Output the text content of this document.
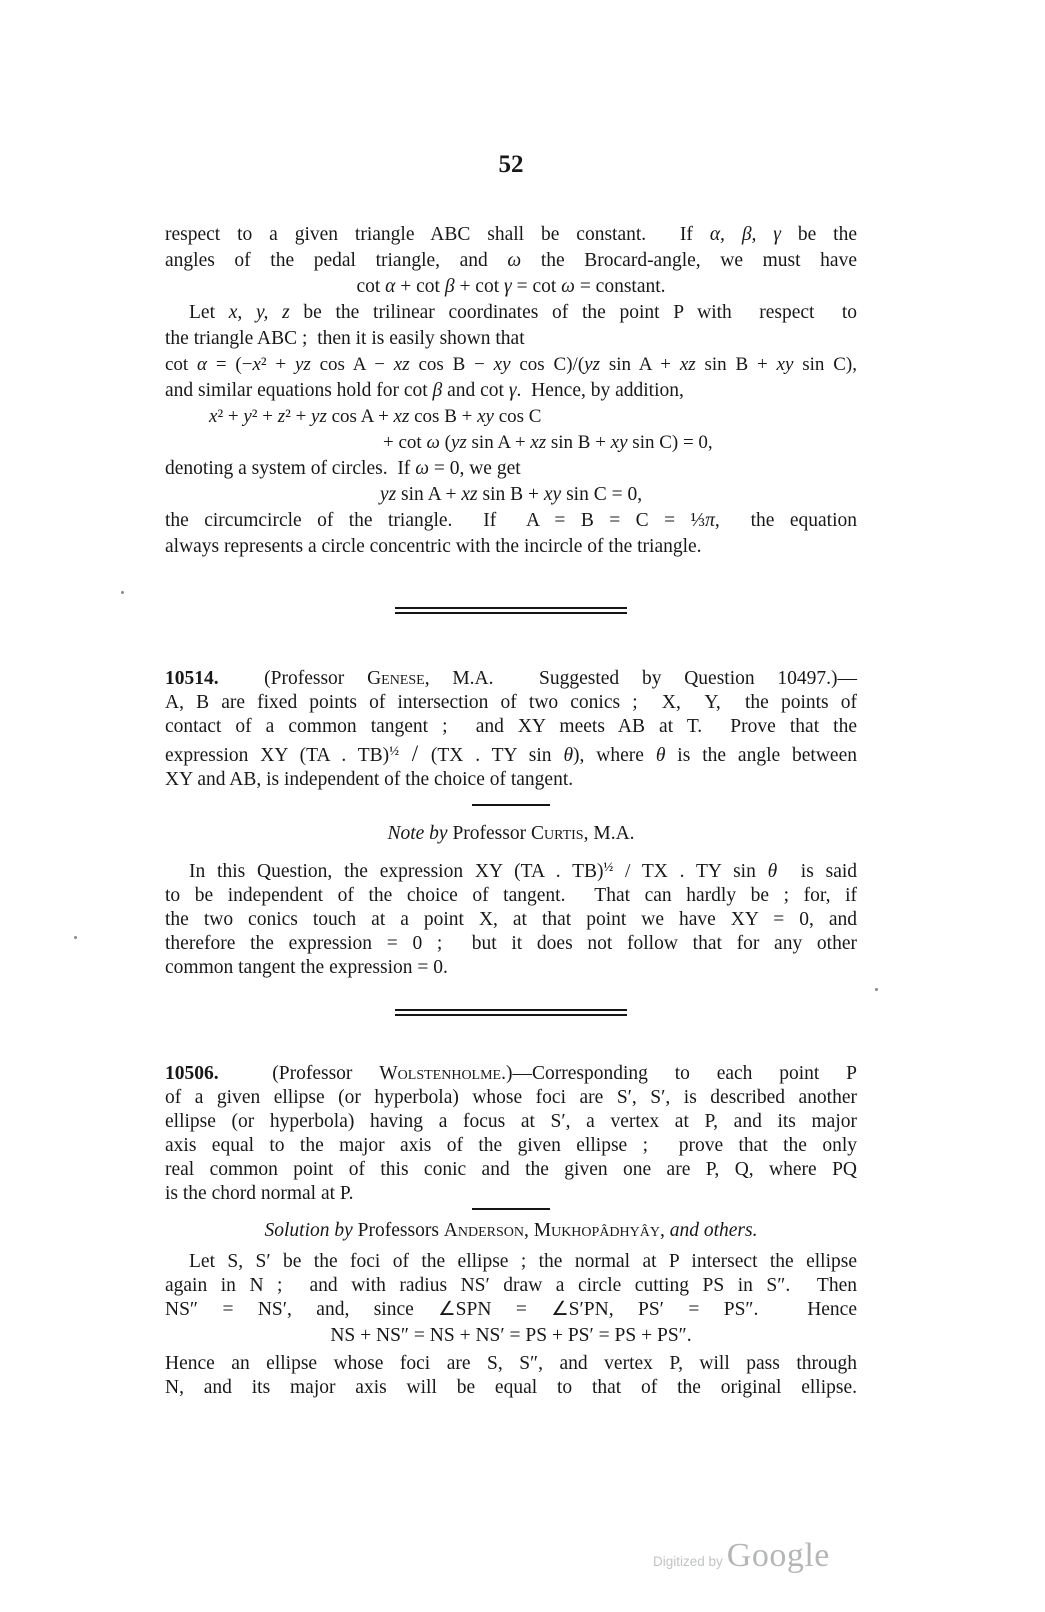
52
respect to a given triangle ABC shall be constant.  If α, β, γ be the
angles of the pedal triangle, and ω the Brocard-angle, we must have
cot α + cot β + cot γ = cot ω = constant.
Let x, y, z be the trilinear coordinates of the point P with  respect  to
the triangle ABC ;  then it is easily shown that
cot α = (−x² + yz cos A − xz cos B − xy cos C)/(yz sin A + xz sin B + xy sin C),
and similar equations hold for cot β and cot γ.  Hence, by addition,
x² + y² + z² + yz cos A + xz cos B + xy cos C
+ cot ω (yz sin A + xz sin B + xy sin C) = 0,
denoting a system of circles.  If ω = 0, we get
yz sin A + xz sin B + xy sin C = 0,
the circumcircle of the triangle.  If  A = B = C = ⅓π,  the equation
always represents a circle concentric with the incircle of the triangle.
10514.  (Professor Genese, M.A.  Suggested by Question 10497.)—
A, B are fixed points of intersection of two conics ;  X,  Y,  the points of
contact of a common tangent ;  and XY meets AB at T.  Prove that the
expression XY (TA . TB)$^{\frac{1}{2}}$ / (TX . TY sin θ), where θ is the angle between
XY and AB, is independent of the choice of tangent.
Note by Professor Curtis, M.A.
In this Question, the expression XY (TA . TB)$^{\frac{1}{2}}$ / TX . TY sin θ  is said
to be independent of the choice of tangent.  That can hardly be ; for, if
the two conics touch at a point X, at that point we have XY = 0, and
therefore the expression = 0 ;  but it does not follow that for any other
common tangent the expression = 0.
10506.  (Professor Wolstenholme.)—Corresponding to each point P
of a given ellipse (or hyperbola) whose foci are S′, S′, is described another
ellipse (or hyperbola) having a focus at S′, a vertex at P, and its major
axis equal to the major axis of the given ellipse ;  prove that the only
real common point of this conic and the given one are P, Q, where PQ
is the chord normal at P.
Solution by Professors Anderson, Mukhopâdhyây, and others.
Let S, S′ be the foci of the ellipse ; the normal at P intersect the ellipse
again in N ;  and with radius NS′ draw a circle cutting PS in S″.  Then
NS″ = NS′, and, since ∠SPN = ∠S′PN, PS′ = PS″.  Hence
NS + NS″ = NS + NS′ = PS + PS′ = PS + PS″.
Hence an ellipse whose foci are S, S″, and vertex P, will pass through
N, and its major axis will be equal to that of the original ellipse.
Digitized by Google
